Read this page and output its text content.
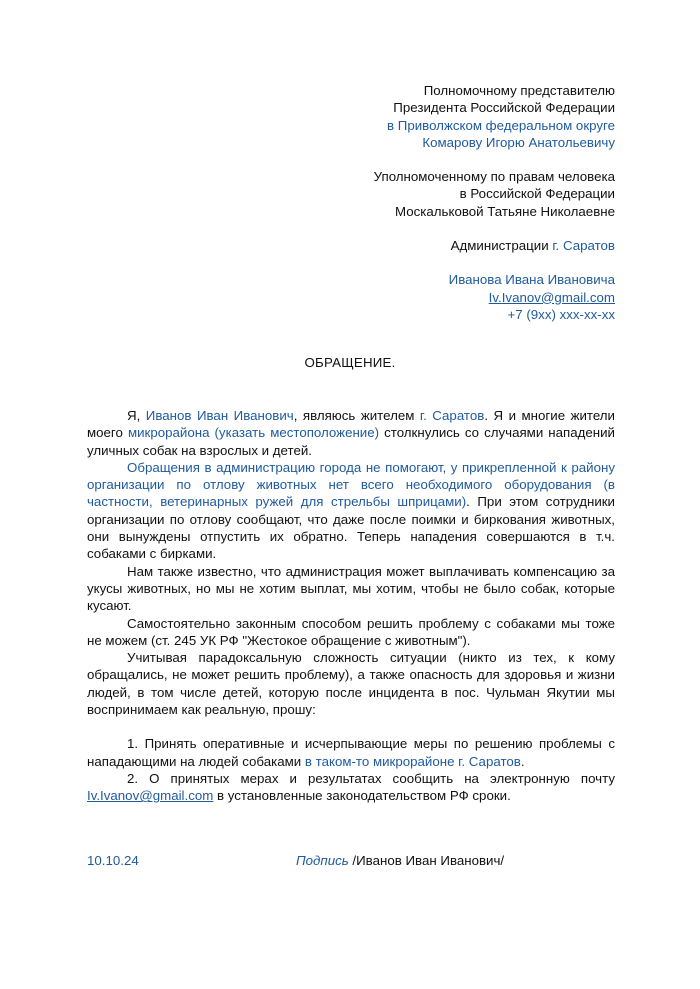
Полномочному представителю
Президента Российской Федерации
в Приволжском федеральном округе
Комарову Игорю Анатольевичу
Уполномоченному по правам человека
в Российской Федерации
Москальковой Татьяне Николаевне
Администрации г. Саратов
Иванова Ивана Ивановича
Iv.Ivanov@gmail.com
+7 (9хх) ххх-хх-хх
ОБРАЩЕНИЕ.

Я, Иванов Иван Иванович, являюсь жителем г. Саратов. Я и многие жители моего микрорайона (указать местоположение) столкнулись со случаями нападений уличных собак на взрослых и детей.

Обращения в администрацию города не помогают, у прикрепленной к району организации по отлову животных нет всего необходимого оборудования (в частности, ветеринарных ружей для стрельбы шприцами). При этом сотрудники организации по отлову сообщают, что даже после поимки и биркования животных, они вынуждены отпустить их обратно. Теперь нападения совершаются в т.ч. собаками с бирками.

Нам также известно, что администрация может выплачивать компенсацию за укусы животных, но мы не хотим выплат, мы хотим, чтобы не было собак, которые кусают.

Самостоятельно законным способом решить проблему с собаками мы тоже не можем (ст. 245 УК РФ "Жестокое обращение с животным").

Учитывая парадоксальную сложность ситуации (никто из тех, к кому обращались, не может решить проблему), а также опасность для здоровья и жизни людей, в том числе детей, которую после инцидента в пос. Чульман Якутии мы воспринимаем как реальную, прошу:

1. Принять оперативные и исчерпывающие меры по решению проблемы с нападающими на людей собаками в таком-то микрорайоне г. Саратов.

2. О принятых мерах и результатах сообщить на электронную почту Iv.Ivanov@gmail.com в установленные законодательством РФ сроки.

10.10.24	Подпись /Иванов Иван Иванович/
